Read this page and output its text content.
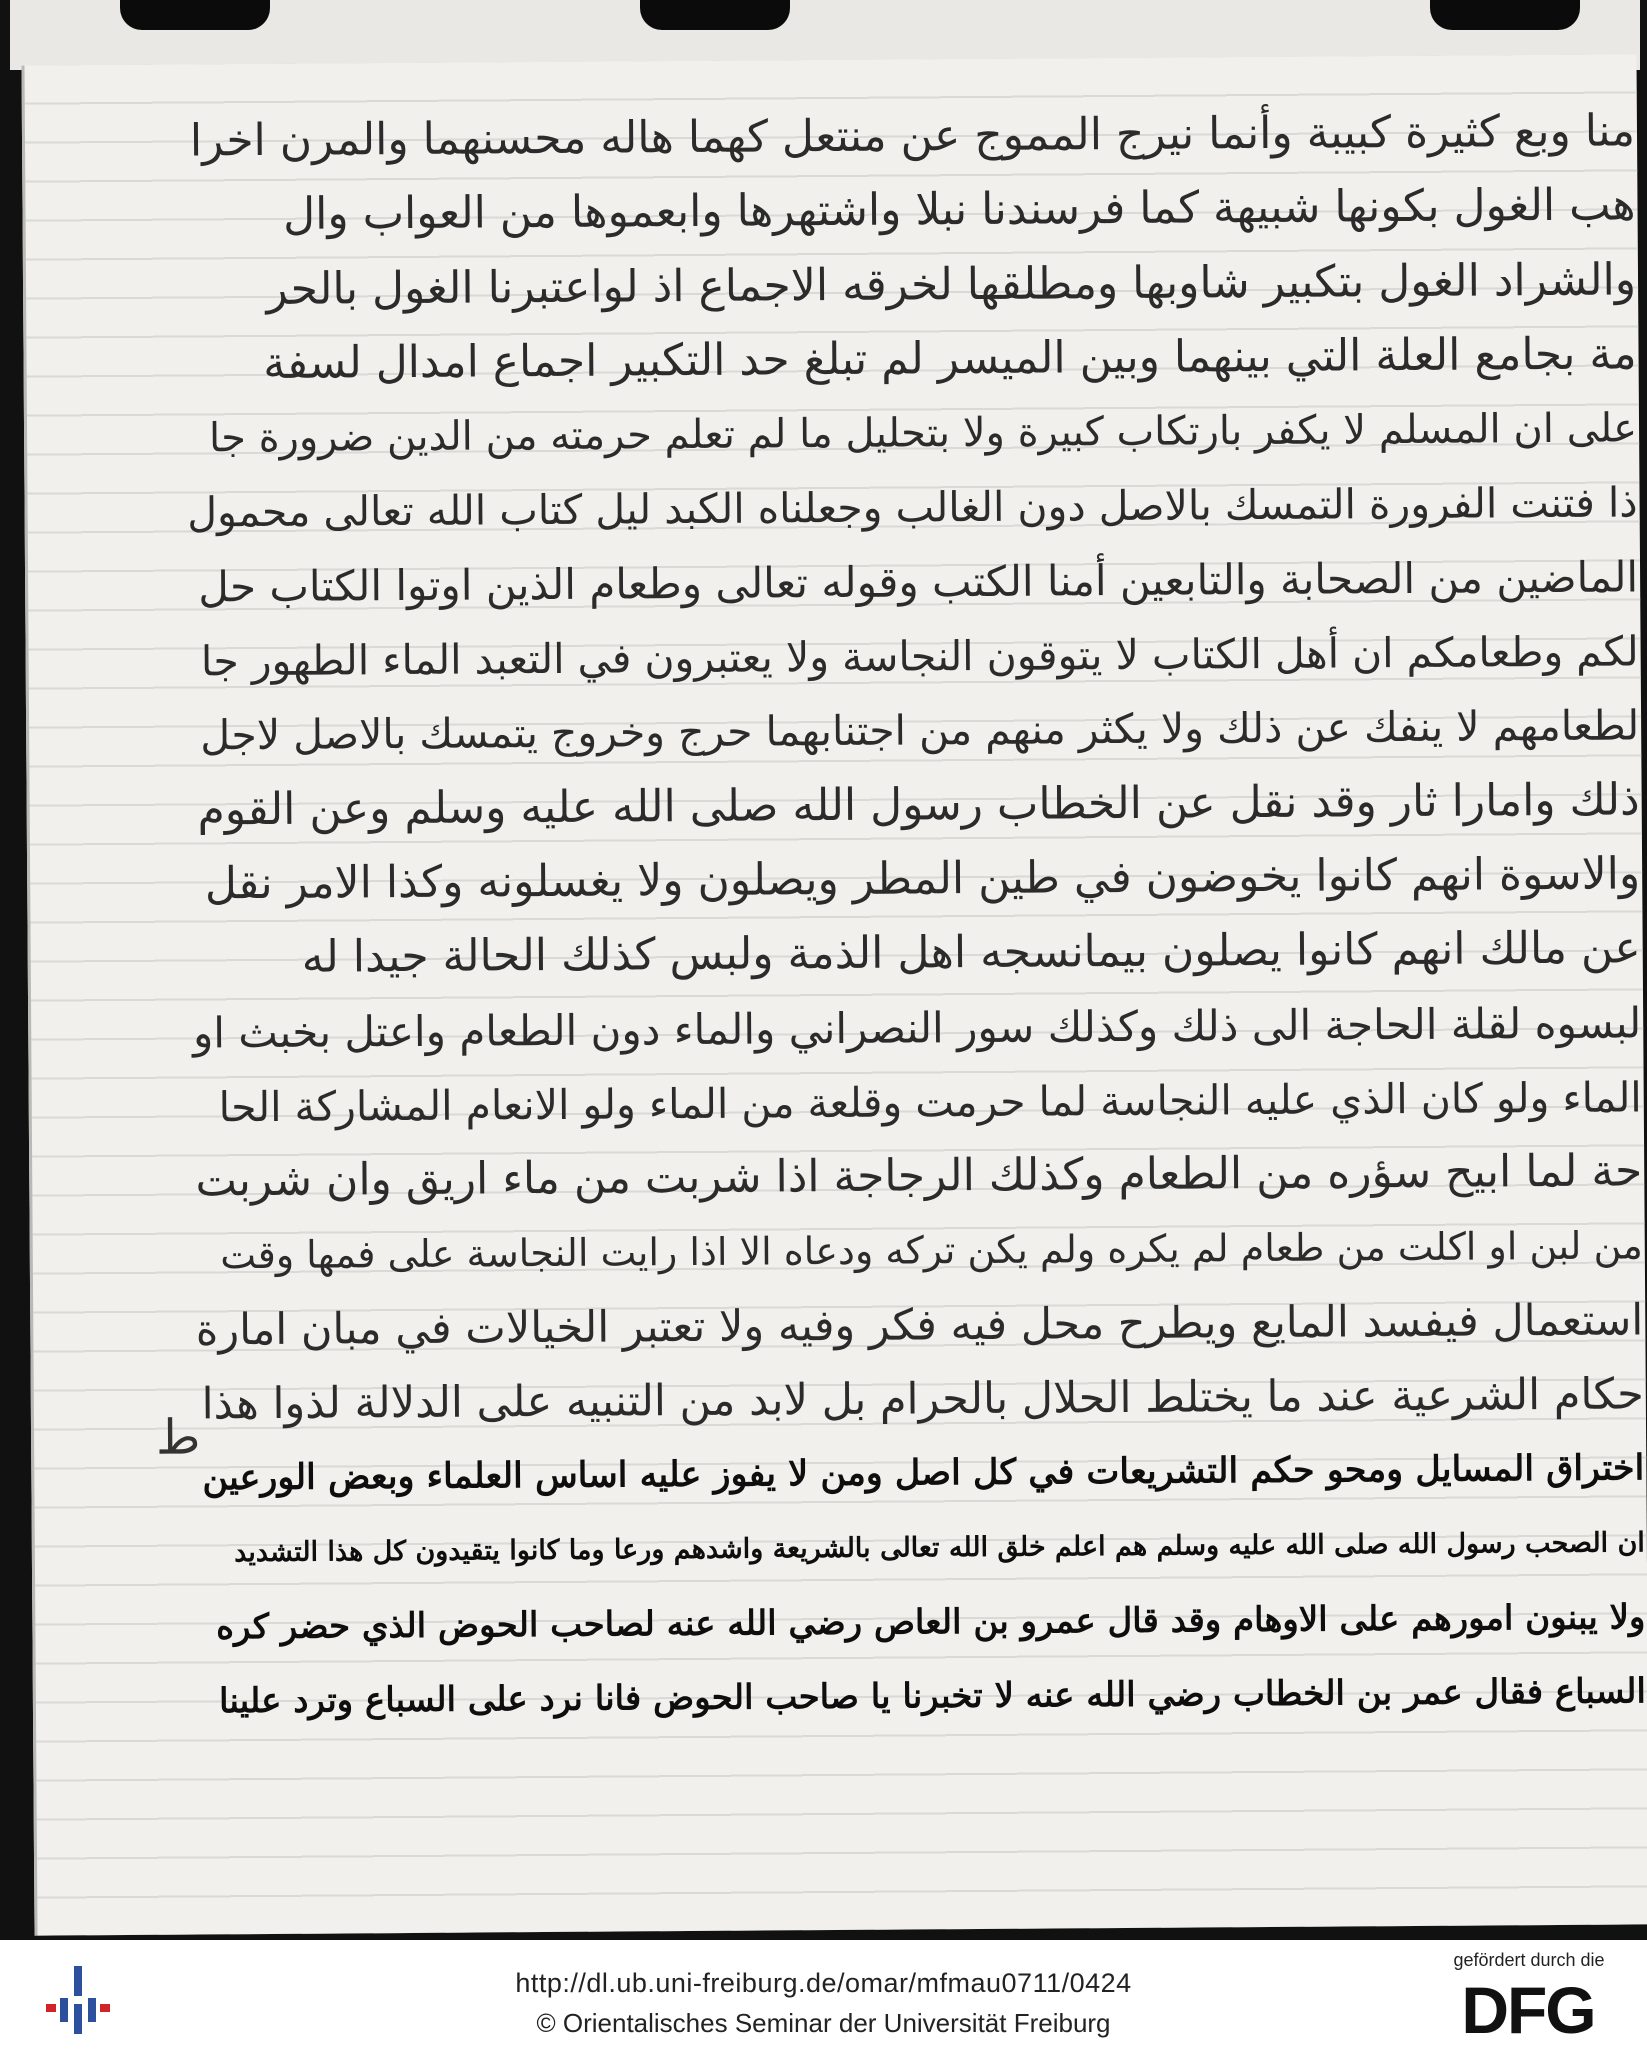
منا وبع كثيرة كبيبة وأنما نيرج المموج عن منتعل كهما هاله محسنهما والمرن اخرا
هب الغول بكونها شبيهة كما فرسندنا نبلا واشتهرها وابعموها من العواب وال
والشراد الغول بتكبير شاوبها ومطلقها لخرقه الاجماع اذ لواعتبرنا الغول بالحر
مة بجامع العلة التي بينهما وبين الميسر لم تبلغ حد التكبير اجماع امدال لسفة
على ان المسلم لا يكفر بارتكاب كبيرة ولا بتحليل ما لم تعلم حرمته من الدين ضرورة جا
ذا فتنت الفرورة التمسك بالاصل دون الغالب وجعلناه الكبد ليل كتاب الله تعالى محمول
الماضين من الصحابة والتابعين أمنا الكتب وقوله تعالى وطعام الذين اوتوا الكتاب حل
لكم وطعامكم ان أهل الكتاب لا يتوقون النجاسة ولا يعتبرون في التعبد الماء الطهور جا
لطعامهم لا ينفك عن ذلك ولا يكثر منهم من اجتنابهما حرج وخروج يتمسك بالاصل لاجل
ذلك وامارا ثار وقد نقل عن الخطاب رسول الله صلى الله عليه وسلم وعن القوم
والاسوة انهم كانوا يخوضون في طين المطر ويصلون ولا يغسلونه وكذا الامر نقل
عن مالك انهم كانوا يصلون بيمانسجه اهل الذمة ولبس كذلك الحالة جيدا له
لبسوه لقلة الحاجة الى ذلك وكذلك سور النصراني والماء دون الطعام واعتل بخبث او
الماء ولو كان الذي عليه النجاسة لما حرمت وقلعة من الماء ولو الانعام المشاركة الحا
حة لما ابيح سؤره من الطعام وكذلك الرجاجة اذا شربت من ماء اريق وان شربت
من لبن او اكلت من طعام لم يكره ولم يكن تركه ودعاه الا اذا رايت النجاسة على فمها وقت
استعمال فيفسد المايع ويطرح محل فيه فكر وفيه ولا تعتبر الخيالات في مبان امارة
حكام الشرعية عند ما يختلط الحلال بالحرام بل لابد من التنبيه على الدلالة لذوا هذا
اختراق المسايل ومحو حكم التشريعات في كل اصل ومن لا يفوز عليه اساس العلماء وبعض الورعين
ان الصحب رسول الله صلى الله عليه وسلم هم اعلم خلق الله تعالى بالشريعة واشدهم ورعا وما كانوا يتقيدون كل هذا التشديد
ولا يبنون امورهم على الاوهام وقد قال عمرو بن العاص رضي الله عنه لصاحب الحوض الذي حضر كره
السباع فقال عمر بن الخطاب رضي الله عنه لا تخبرنا يا صاحب الحوض فانا نرد على السباع وترد علينا
ط
http://dl.ub.uni-freiburg.de/omar/mfmau0711/0424
© Orientalisches Seminar der Universität Freiburg
gefördert durch die
DFG
